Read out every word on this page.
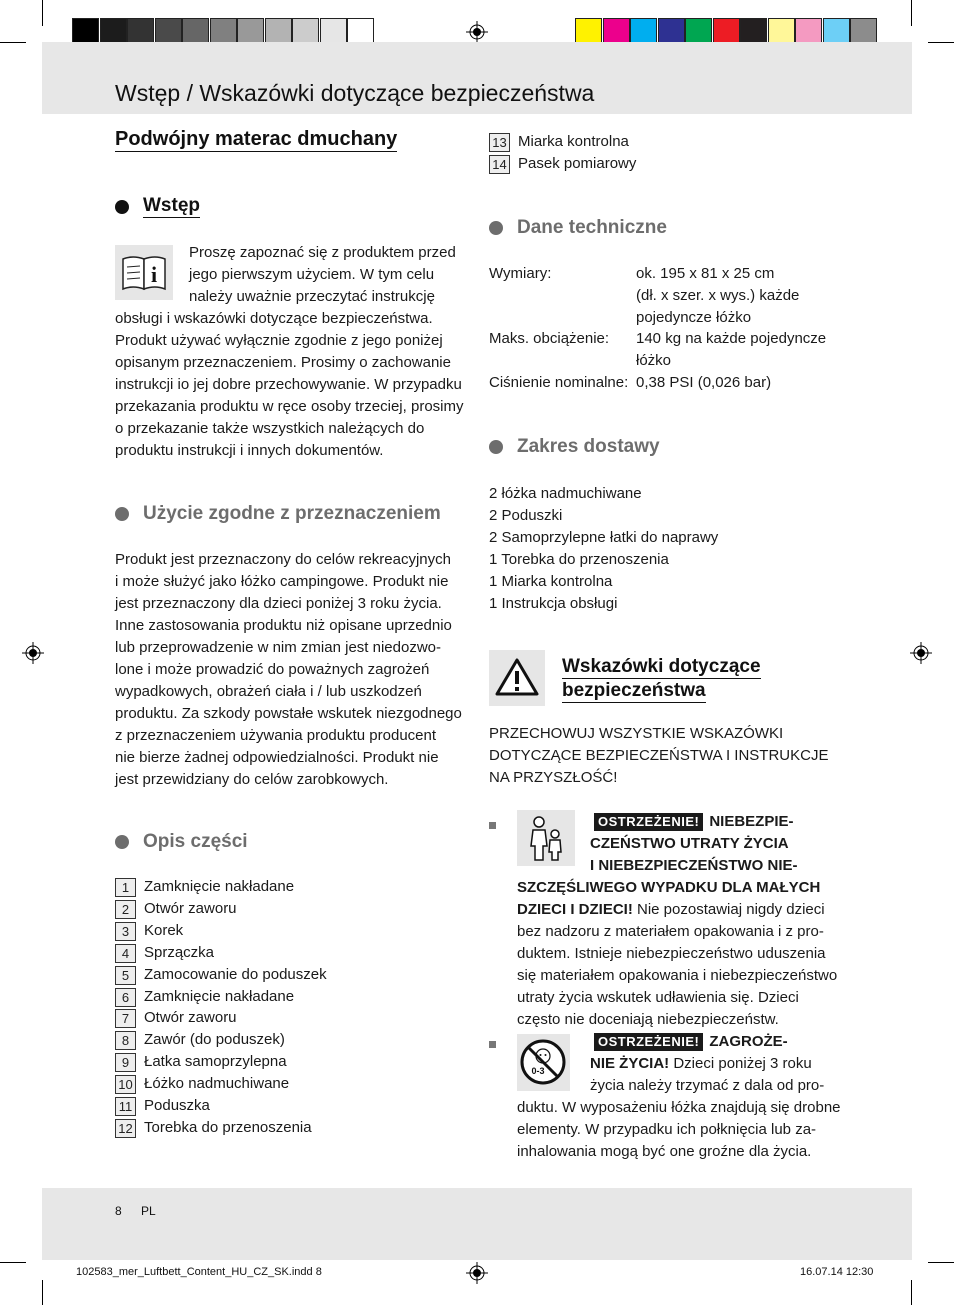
Wstęp / Wskazówki dotyczące bezpieczeństwa
Podwójny materac dmuchany
Wstęp
i
Proszę zapoznać się z produktem przed
jego pierwszym użyciem. W tym celu
należy uważnie przeczytać instrukcję
obsługi i wskazówki dotyczące bezpieczeństwa.
Produkt używać wyłącznie zgodnie z jego poniżej
opisanym przeznaczeniem. Prosimy o zachowanie
instrukcji io jej dobre przechowywanie. W przypadku
przekazania produktu w ręce osoby trzeciej, prosimy
o przekazanie także wszystkich należących do
produktu instrukcji i innych dokumentów.
Użycie zgodne z przeznaczeniem
Produkt jest przeznaczony do celów rekreacyjnych
i może służyć jako łóżko campingowe. Produkt nie
jest przeznaczony dla dzieci poniżej 3 roku życia.
Inne zastosowania produktu niż opisane uprzednio
lub przeprowadzenie w nim zmian jest niedozwo-
lone i może prowadzić do poważnych zagrożeń
wypadkowych, obrażeń ciała i / lub uszkodzeń
produktu. Za szkody powstałe wskutek niezgodnego
z przeznaczeniem używania produktu producent
nie bierze żadnej odpowiedzialności. Produkt nie
jest przewidziany do celów zarobkowych.
Opis części
1 Zamknięcie nakładane
2 Otwór zaworu
3 Korek
4 Sprzączka
5 Zamocowanie do poduszek
6 Zamknięcie nakładane
7 Otwór zaworu
8 Zawór (do poduszek)
9 Łatka samoprzylepna
10 Łóżko nadmuchiwane
11 Poduszka
12 Torebka do przenoszenia
13 Miarka kontrolna
14 Pasek pomiarowy
Dane techniczne
Wymiary:	ok. 195 x 81 x 25 cm
(dł. x szer. x wys.) każde
pojedyncze łóżko
Maks. obciążenie: 140 kg na każde pojedyncze
łóżko
Ciśnienie nominalne: 0,38 PSI (0,026 bar)
Zakres dostawy
2 łóżka nadmuchiwane
2 Poduszki
2 Samoprzylepne łatki do naprawy
1 Torebka do przenoszenia
1 Miarka kontrolna
1 Instrukcja obsługi
Wskazówki dotyczące
bezpieczeństwa
PRZECHOWUJ WSZYSTKIE WSKAZÓWKI
DOTYCZĄCE BEZPIECZEŃSTWA I INSTRUKCJE
NA PRZYSZŁOŚĆ!
OSTRZEŻENIE! NIEBEZPIE-
CZEŃSTWO UTRATY ŻYCIA
I NIEBEZPIECZEŃSTWO NIE-
SZCZĘŚLIWEGO WYPADKU DLA MAŁYCH
DZIECI I DZIECI! Nie pozostawiaj nigdy dzieci
bez nadzoru z materiałem opakowania i z pro-
duktem. Istnieje niebezpieczeństwo uduszenia
się materiałem opakowania i niebezpieczeństwo
utraty życia wskutek udławienia się. Dzieci
często nie doceniają niebezpieczeństw.
0-3
OSTRZEŻENIE! ZAGROŻE-
NIE ŻYCIA! Dzieci poniżej 3 roku
życia należy trzymać z dala od pro-
duktu. W wyposażeniu łóżka znajdują się drobne
elementy. W przypadku ich połknięcia lub za-
inhalowania mogą być one groźne dla życia.
8 PL
102583_mer_Luftbett_Content_HU_CZ_SK.indd 8	16.07.14 12:30
